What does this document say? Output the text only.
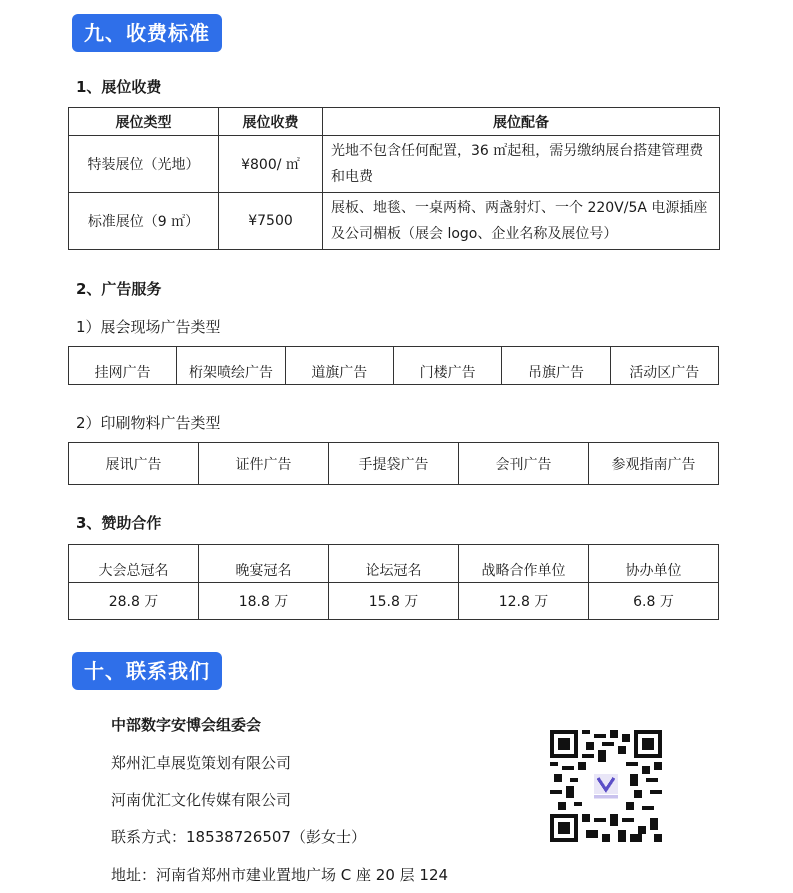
九、收费标准
1、展位收费
展位类型	展位收费	展位配备
特装展位（光地）	¥800/ ㎡	光地不包含任何配置，36 ㎡起租，需另缴纳展台搭建管理费和电费
标准展位（9 ㎡）	¥7500	展板、地毯、一桌两椅、两盏射灯、一个 220V/5A 电源插座及公司楣板（展会 logo、企业名称及展位号）
2、广告服务
1）展会现场广告类型
挂网广告	桁架喷绘广告	道旗广告	门楼广告	吊旗广告	活动区广告
2）印刷物料广告类型
展讯广告	证件广告	手提袋广告	会刊广告	参观指南广告
3、赞助合作
大会总冠名	晚宴冠名	论坛冠名	战略合作单位	协办单位
28.8 万	18.8 万	15.8 万	12.8 万	6.8 万
十、联系我们
中部数字安博会组委会
郑州汇卓展览策划有限公司
河南优汇文化传媒有限公司
联系方式：18538726507（彭女士）
地址：河南省郑州市建业置地广场 C 座 20 层 124
